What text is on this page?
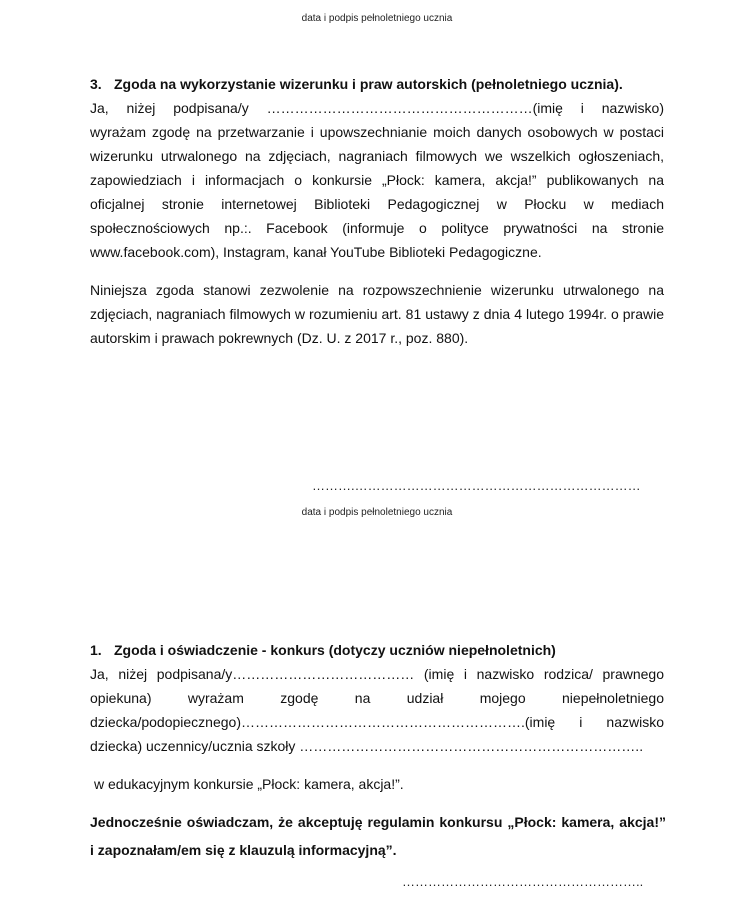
data i podpis pełnoletniego ucznia
3. Zgoda na wykorzystanie wizerunku i praw autorskich (pełnoletniego ucznia).
Ja, niżej podpisana/y …………………………………………………(imię i nazwisko)
wyrażam zgodę na przetwarzanie i upowszechnianie moich danych osobowych w postaci
wizerunku utrwalonego na zdjęciach, nagraniach filmowych we wszelkich ogłoszeniach,
zapowiedziach i informacjach o konkursie „Płock: kamera, akcja!” publikowanych na
oficjalnej stronie internetowej Biblioteki Pedagogicznej w Płocku w mediach
społecznościowych np.:. Facebook (informuje o polityce prywatności na stronie
www.facebook.com), Instagram, kanał YouTube Biblioteki Pedagogiczne.
Niniejsza zgoda stanowi zezwolenie na rozpowszechnienie wizerunku utrwalonego na
zdjęciach, nagraniach filmowych w rozumieniu art. 81 ustawy z dnia 4 lutego 1994r. o prawie
autorskim i prawach pokrewnych (Dz. U. z 2017 r., poz. 880).
……….…………………………………………………………
data i podpis pełnoletniego ucznia
1. Zgoda i oświadczenie - konkurs (dotyczy uczniów niepełnoletnich)
Ja, niżej podpisana/y………………………………… (imię i nazwisko rodzica/ prawnego
opiekuna) wyrażam zgodę na udział mojego niepełnoletniego
dziecka/podopiecznego)…………………………………………………….(imię i nazwisko
dziecka) uczennicy/ucznia szkoły ………………………………………………………………..
w edukacyjnym konkursie „Płock: kamera, akcja!”.
Jednocześnie oświadczam, że akceptuję regulamin konkursu „Płock: kamera, akcja!”
i zapoznałam/em się z klauzulą informacyjną”.
………………………………………………..
